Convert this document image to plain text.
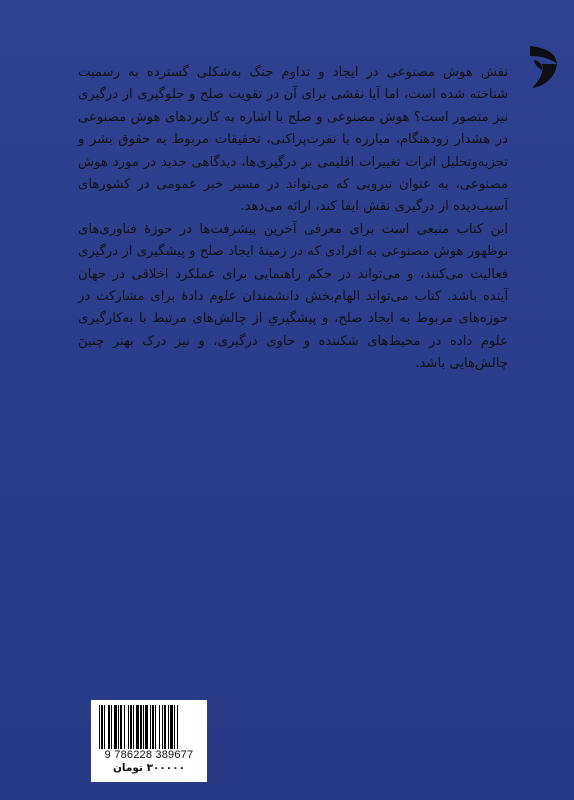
نقش هوش مصنوعی در ایجاد و تداوم جنگ به‌شکلی گسترده به رسمیت شناخته شده است، اما آیا نقشی برای آن در تقویت صلح و جلوگیری از درگیری نیز متصور است؟ هوش مصنوعی و صلح با اشاره به کاربردهای هوش مصنوعی در هشدار زودهنگام، مبارزه با نفرت‌پراکنی، تحقیقات مربوط به حقوق بشر و تجزیه‌وتحلیل اثرات تغییرات اقلیمی بر درگیری‌ها، دیدگاهی جدید در مورد هوش مصنوعی، به عنوان نیرویی که می‌تواند در مسیر خیر عمومی در کشورهای آسیب‌دیده از درگیری نقش ایفا کند، ارائه می‌دهد.

این کتاب منبعی است برای معرفی آخرین پیشرفت‌ها در حوزهٔ فناوری‌های نوظهور هوش مصنوعی به افرادی که در زمینهٔ ایجاد صلح و پیشگیری از درگیری فعالیت می‌کنند، و می‌تواند در حکم راهنمایی برای عملکرد اخلاقی در جهان آینده باشد. کتاب می‌تواند الهام‌بخش دانشمندان علوم دادهٔ برای مشارکت در حوزه‌های مربوط به ایجاد صلح، و پیشگیریِ از چالش‌های مرتبط با به‌کارگیری علوم داده در محیط‌های شکننده و حاوی درگیری، و نیز درک بهتر چنینَ چالش‌هایی باشد.

9 786228 389677
۳۰۰۰۰۰ تومان
